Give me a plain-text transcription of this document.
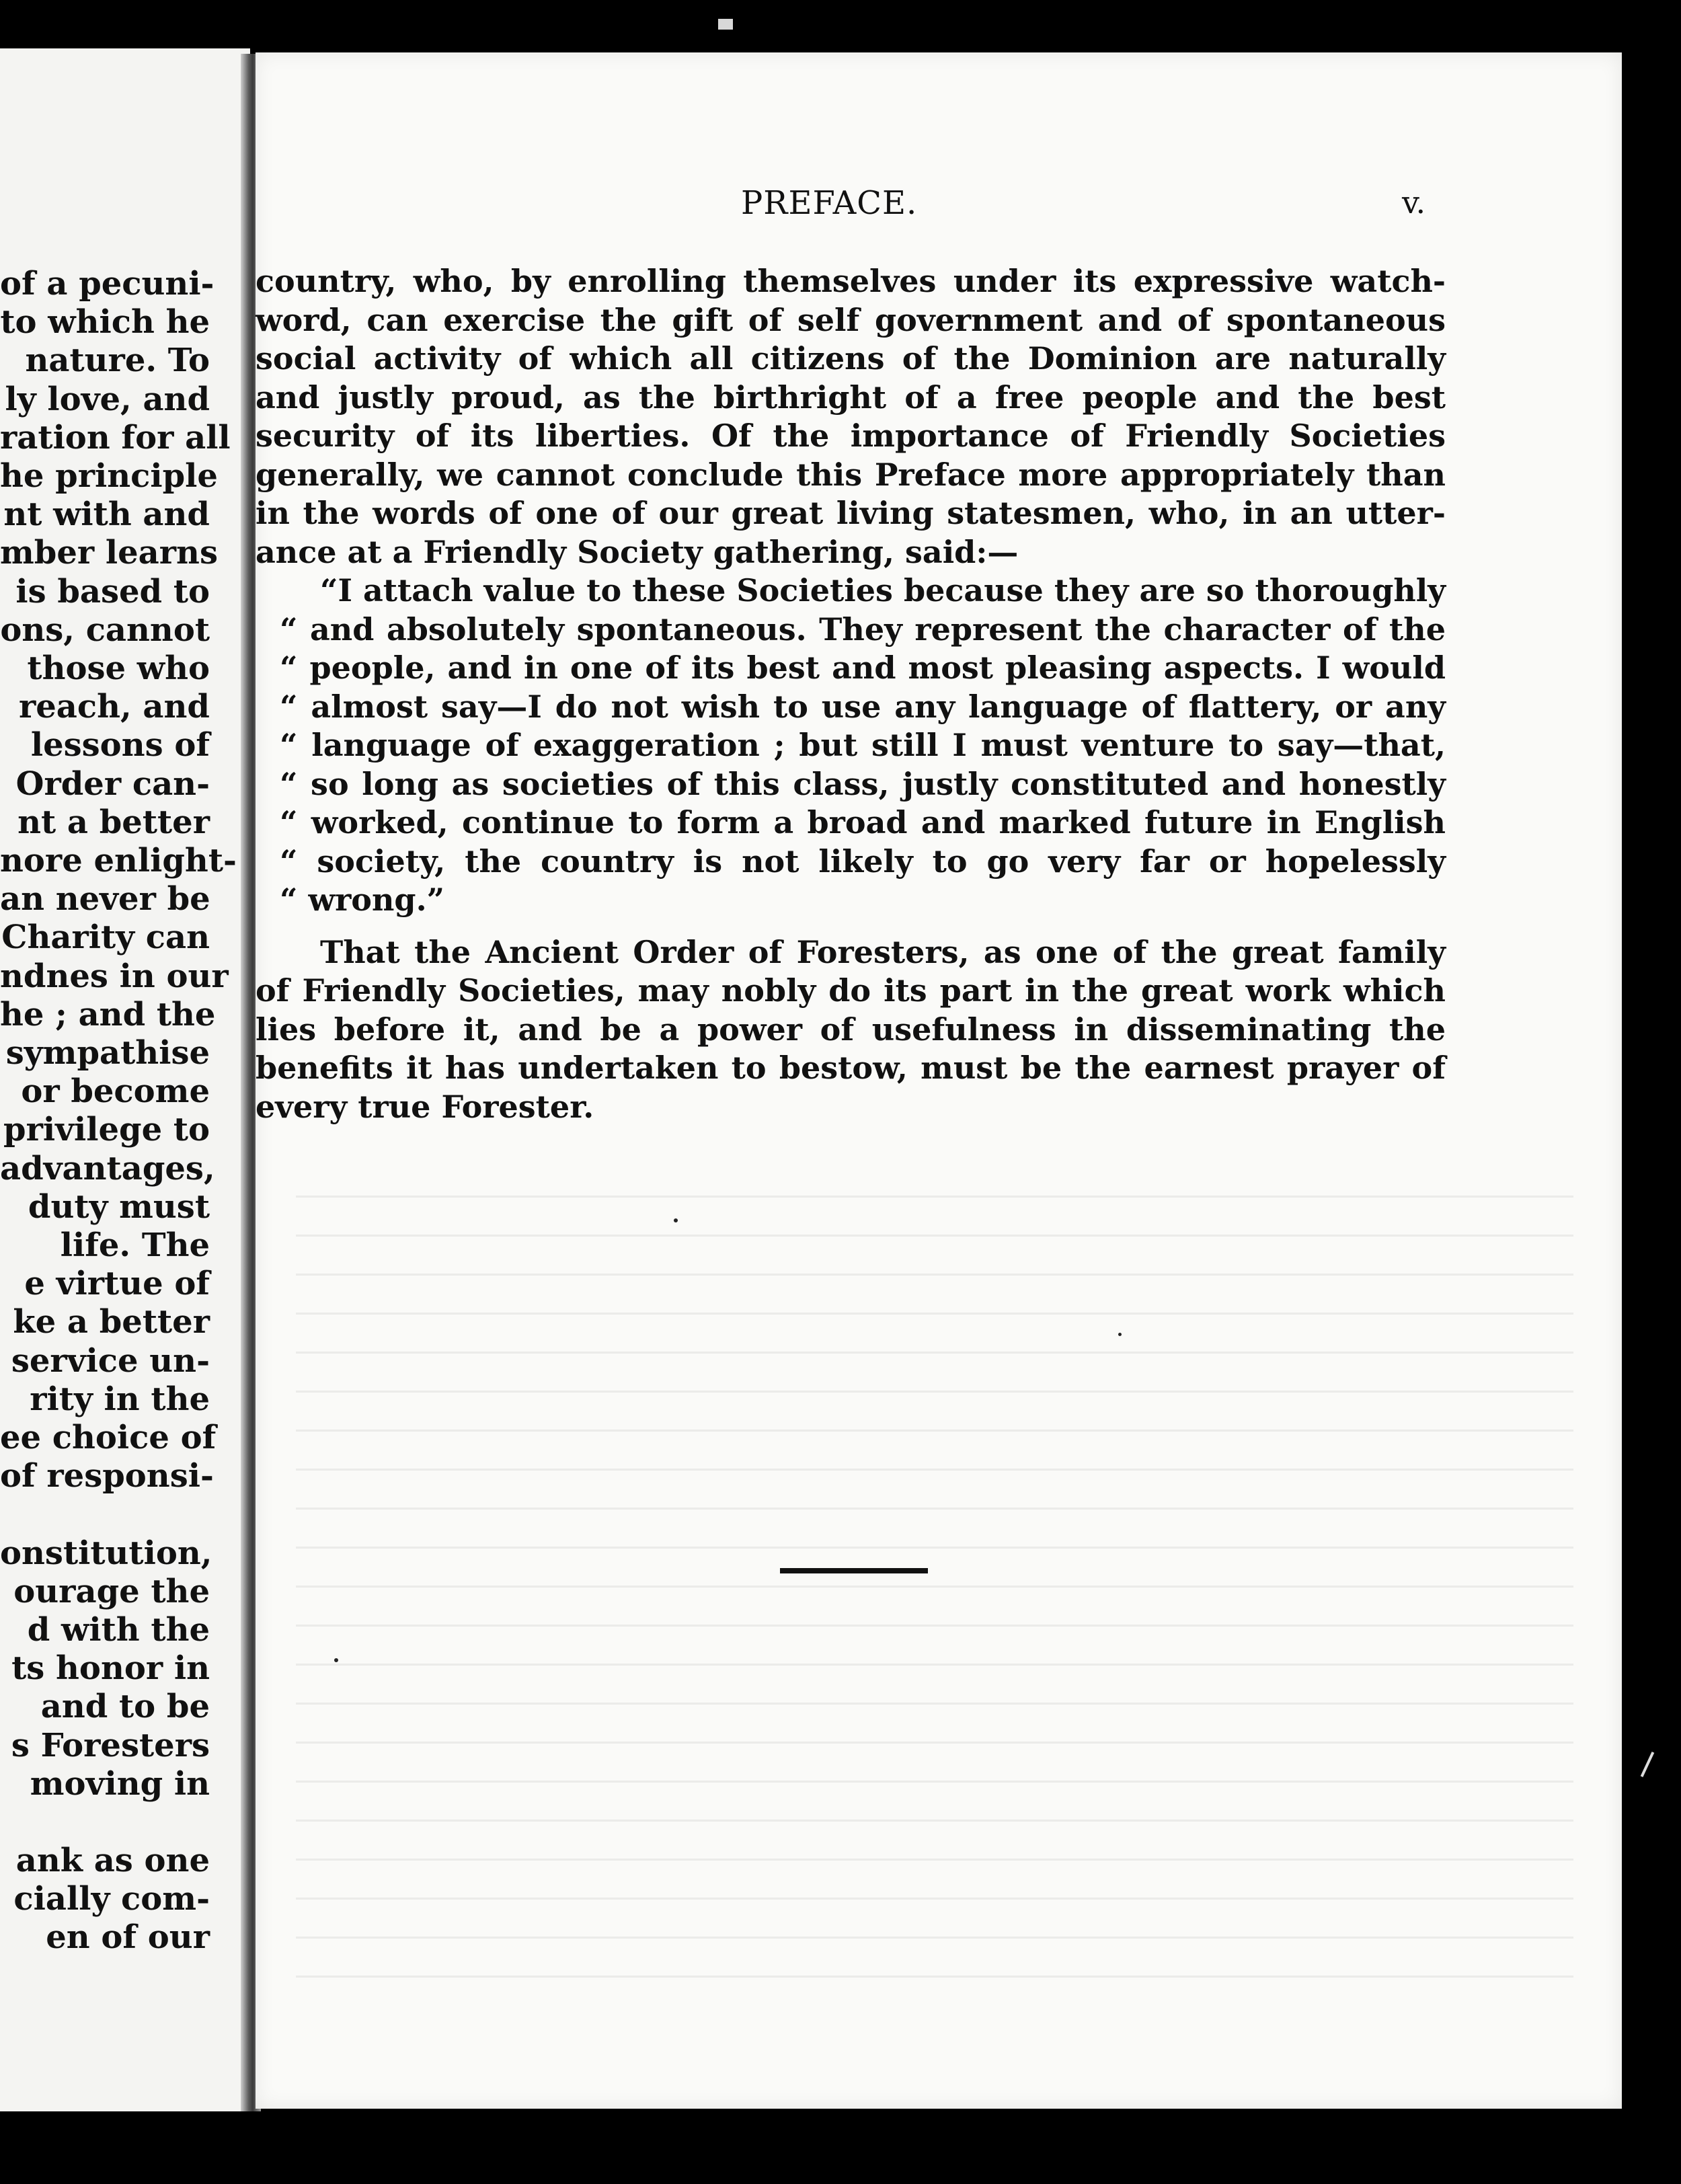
of a pecuni-
to which he
nature. To
ly love, and
ration for all
he principle
nt with and
mber learns
is based to
ons, cannot
those who
reach, and
lessons of
Order can-
nt a better
nore enlight-
an never be
Charity can
ndnes in our
he ; and the
sympathise
or become
privilege to
advantages,
duty must
life. The
e virtue of
ke a better
service un-
rity in the
ee choice of
of responsi-
onstitution,
ourage the
d with the
ts honor in
and to be
s Foresters
moving in
ank as one
cially com-
en of our
PREFACE.	v.
country, who, by enrolling themselves under its expressive watch-
word, can exercise the gift of self government and of spontaneous
social activity of which all citizens of the Dominion are naturally
and justly proud, as the birthright of a free people and the best
security of its liberties. Of the importance of Friendly Societies
generally, we cannot conclude this Preface more appropriately than
in the words of one of our great living statesmen, who, in an utter-
ance at a Friendly Society gathering, said:—
“I attach value to these Societies because they are so thoroughly
“ and absolutely spontaneous. They represent the character of the
“ people, and in one of its best and most pleasing aspects. I would
“ almost say—I do not wish to use any language of flattery, or any
“ language of exaggeration ; but still I must venture to say—that,
“ so long as societies of this class, justly constituted and honestly
“ worked, continue to form a broad and marked future in English
“ society, the country is not likely to go very far or hopelessly
“ wrong.”
That the Ancient Order of Foresters, as one of the great family
of Friendly Societies, may nobly do its part in the great work which
lies before it, and be a power of usefulness in disseminating the
benefits it has undertaken to bestow, must be the earnest prayer of
every true Forester.
